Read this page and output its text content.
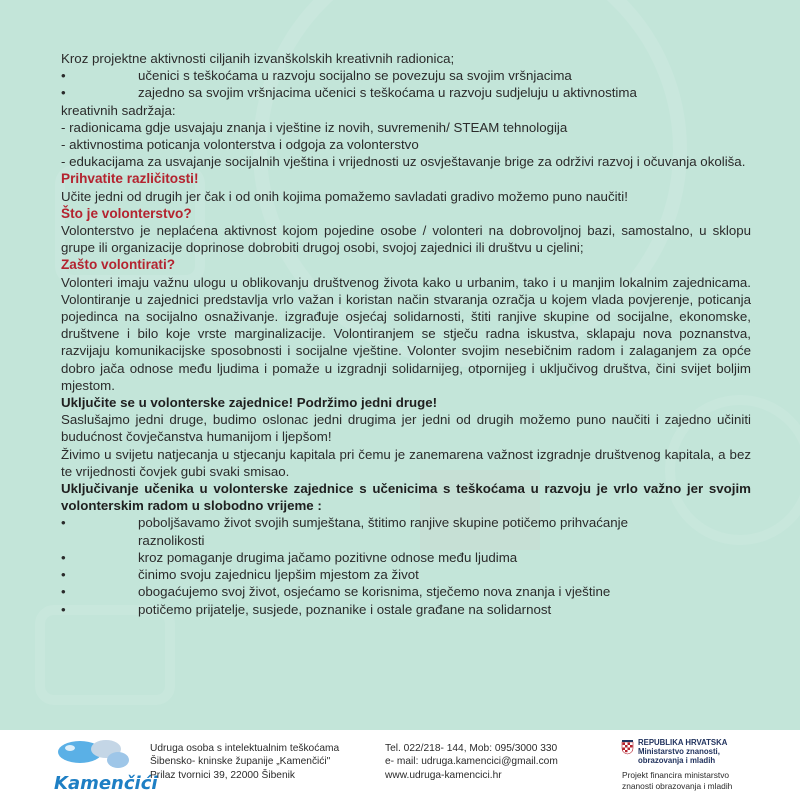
Kroz projektne aktivnosti ciljanih izvanškolskih kreativnih radionica;

•	učenici s teškoćama u razvoju socijalno se povezuju sa svojim vršnjacima
•	zajedno sa svojim vršnjacima učenici s teškoćama u razvoju sudjeluju u aktivnostima

kreativnih sadržaja:

- radionicama gdje usvajaju znanja i vještine iz novih, suvremenih/ STEAM tehnologija

- aktivnostima poticanja volonterstva i odgoja za volonterstvo

- edukacijama za usvajanje socijalnih vještina i vrijednosti uz osvještavanje brige za održivi razvoj i očuvanja okoliša.

Prihvatite različitosti!

Učite jedni od drugih jer čak i od onih kojima pomažemo savladati gradivo možemo puno naučiti!

Što je volonterstvo?

Volonterstvo je neplaćena aktivnost kojom pojedine osobe / volonteri na dobrovoljnoj bazi, samostalno, u sklopu grupe ili organizacije doprinose dobrobiti drugoj osobi, svojoj zajednici ili društvu u cjelini;

Zašto volontirati?

Volonteri imaju važnu ulogu u oblikovanju društvenog života kako u urbanim, tako i u manjim lokalnim zajednicama. Volontiranje u zajednici predstavlja vrlo važan i koristan način stvaranja ozračja u kojem vlada povjerenje, poticanja pojedinca na socijalno osnaživanje. izgrađuje osjećaj solidarnosti, štiti ranjive skupine od socijalne, ekonomske, društvene i bilo koje vrste marginalizacije. Volontiranjem se stječu radna iskustva, sklapaju nova poznanstva, razvijaju komunikacijske sposobnosti i socijalne vještine. Volonter svojim nesebičnim radom i zalaganjem za opće dobro jača odnose među ljudima i pomaže u izgradnji solidarnijeg, otpornijeg i uključivog društva, čini svijet boljim mjestom.

Uključite se u volonterske zajednice! Podržimo jedni druge!

Saslušajmo jedni druge, budimo oslonac jedni drugima jer jedni od drugih možemo puno naučiti i zajedno učiniti budućnost čovječanstva humanijom i ljepšom!

Živimo u svijetu natjecanja u stjecanju kapitala pri čemu je zanemarena važnost izgradnje društvenog kapitala, a bez te vrijednosti čovjek gubi svaki smisao.

Uključivanje učenika u volonterske zajednice s učenicima s teškoćama u razvoju je vrlo važno jer svojim volonterskim radom u slobodno vrijeme :

•	poboljšavamo život svojih sumještana, štitimo ranjive skupine potičemo prihvaćanje
raznolikosti
•	kroz pomaganje drugima jačamo pozitivne odnose među ljudima
•	činimo svoju zajednicu ljepšim mjestom za život
•	obogaćujemo svoj život, osjećamo se korisnima, stječemo nova znanja i vještine
•	potičemo prijatelje, susjede, poznanike i ostale građane na solidarnost
Kamenčići
Udruga osoba s intelektualnim teškoćama
Šibensko- kninske županije „Kamenčići"
Prilaz tvornici 39, 22000 Šibenik
Tel. 022/218- 144, Mob: 095/3000 330
e- mail: udruga.kamencici@gmail.com
www.udruga-kamencici.hr
REPUBLIKA HRVATSKA
Ministarstvo znanosti,
obrazovanja i mladih
Projekt financira ministarstvo
znanosti obrazovanja i mladih
